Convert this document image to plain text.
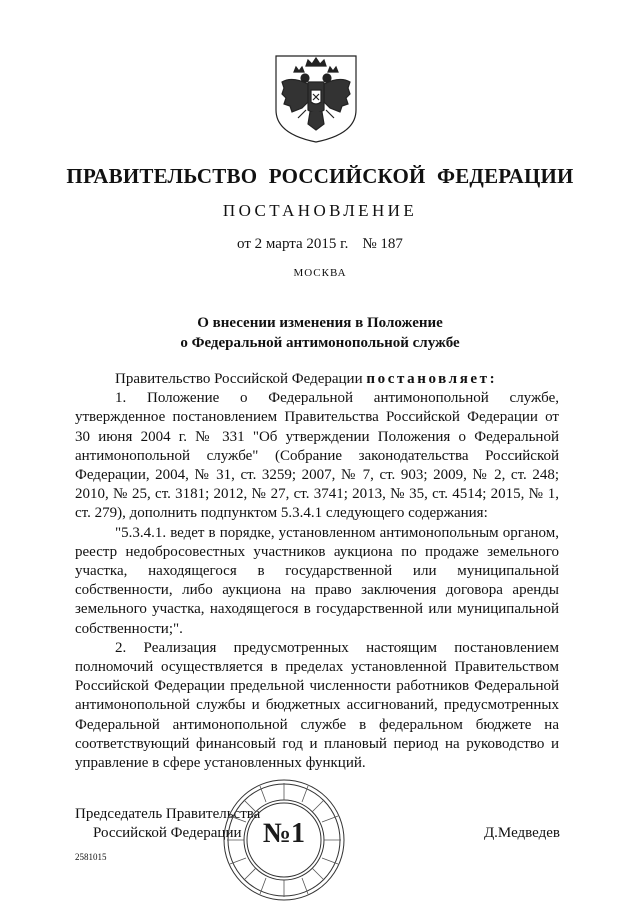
ПРАВИТЕЛЬСТВО РОССИЙСКОЙ ФЕДЕРАЦИИ
ПОСТАНОВЛЕНИЕ
от 2 марта 2015 г. № 187
МОСКВА
О внесении изменения в Положение
о Федеральной антимонопольной службе

Правительство Российской Федерации постановляет:

1. Положение о Федеральной антимонопольной службе, утвержденное постановлением Правительства Российской Федерации от 30 июня 2004 г. № 331 "Об утверждении Положения о Федеральной антимонопольной службе" (Собрание законодательства Российской Федерации, 2004, № 31, ст. 3259; 2007, № 7, ст. 903; 2009, № 2, ст. 248; 2010, № 25, ст. 3181; 2012, № 27, ст. 3741; 2013, № 35, ст. 4514; 2015, № 1, ст. 279), дополнить подпунктом 5.3.4.1 следующего содержания:

"5.3.4.1. ведет в порядке, установленном антимонопольным органом, реестр недобросовестных участников аукциона по продаже земельного участка, находящегося в государственной или муниципальной собственности, либо аукциона на право заключения договора аренды земельного участка, находящегося в государственной или муниципальной собственности;".

2. Реализация предусмотренных настоящим постановлением полномочий осуществляется в пределах установленной Правительством Российской Федерации предельной численности работников Федеральной антимонопольной службы и бюджетных ассигнований, предусмотренных Федеральной антимонопольной службе в федеральном бюджете на соответствующий финансовый год и плановый период на руководство и управление в сфере установленных функций.

Председатель Правительства
Российской Федерации	Д.Медведев
2581015
№1
